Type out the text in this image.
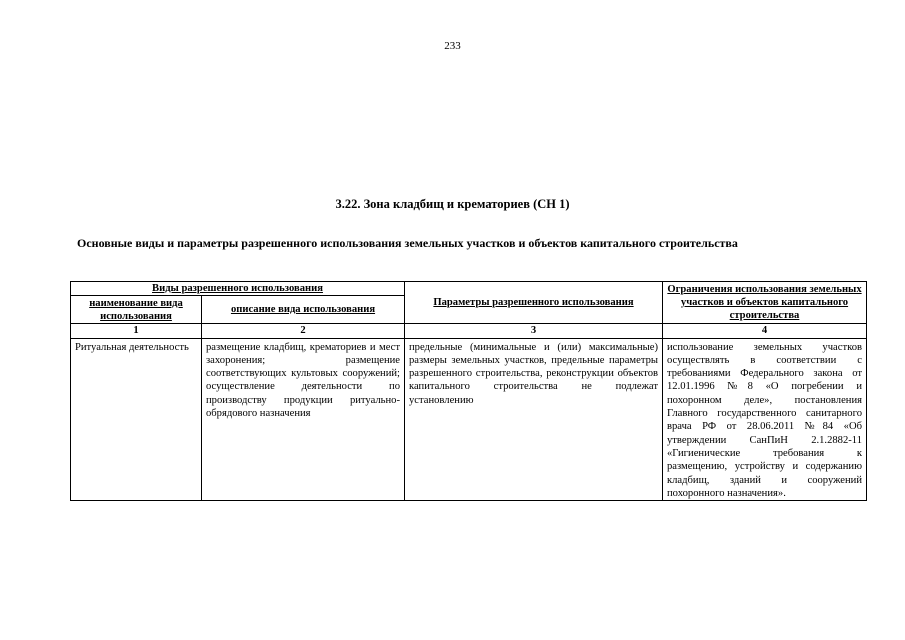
233
3.22. Зона кладбищ и крематориев (СН 1)
Основные виды и параметры разрешенного использования земельных участков и объектов капитального строительства
Виды разрешенного использования		Параметры разрешенного использования	Ограничения использования земельных участков и объектов капитального строительства
наименование вида использования	описание вида использования		
1	2	3	4
Ритуальная деятельность	размещение кладбищ, крематориев и мест захоронения; размещение соответствующих культовых сооружений; осуществление деятельности по производству продукции ритуально-обрядового назначения	предельные (минимальные и (или) максимальные) размеры земельных участков, предельные параметры разрешенного строительства, реконструкции объектов капитального строительства не подлежат установлению	использование земельных участков осуществлять в соответствии с требованиями Федерального закона от 12.01.1996 №8 «О погребении и похоронном деле», постановления Главного государственного санитарного врача РФ от 28.06.2011 №84 «Об утверждении СанПиН 2.1.2882-11 «Гигиенические требования к размещению, устройству и содержанию кладбищ, зданий и сооружений похоронного назначения».
